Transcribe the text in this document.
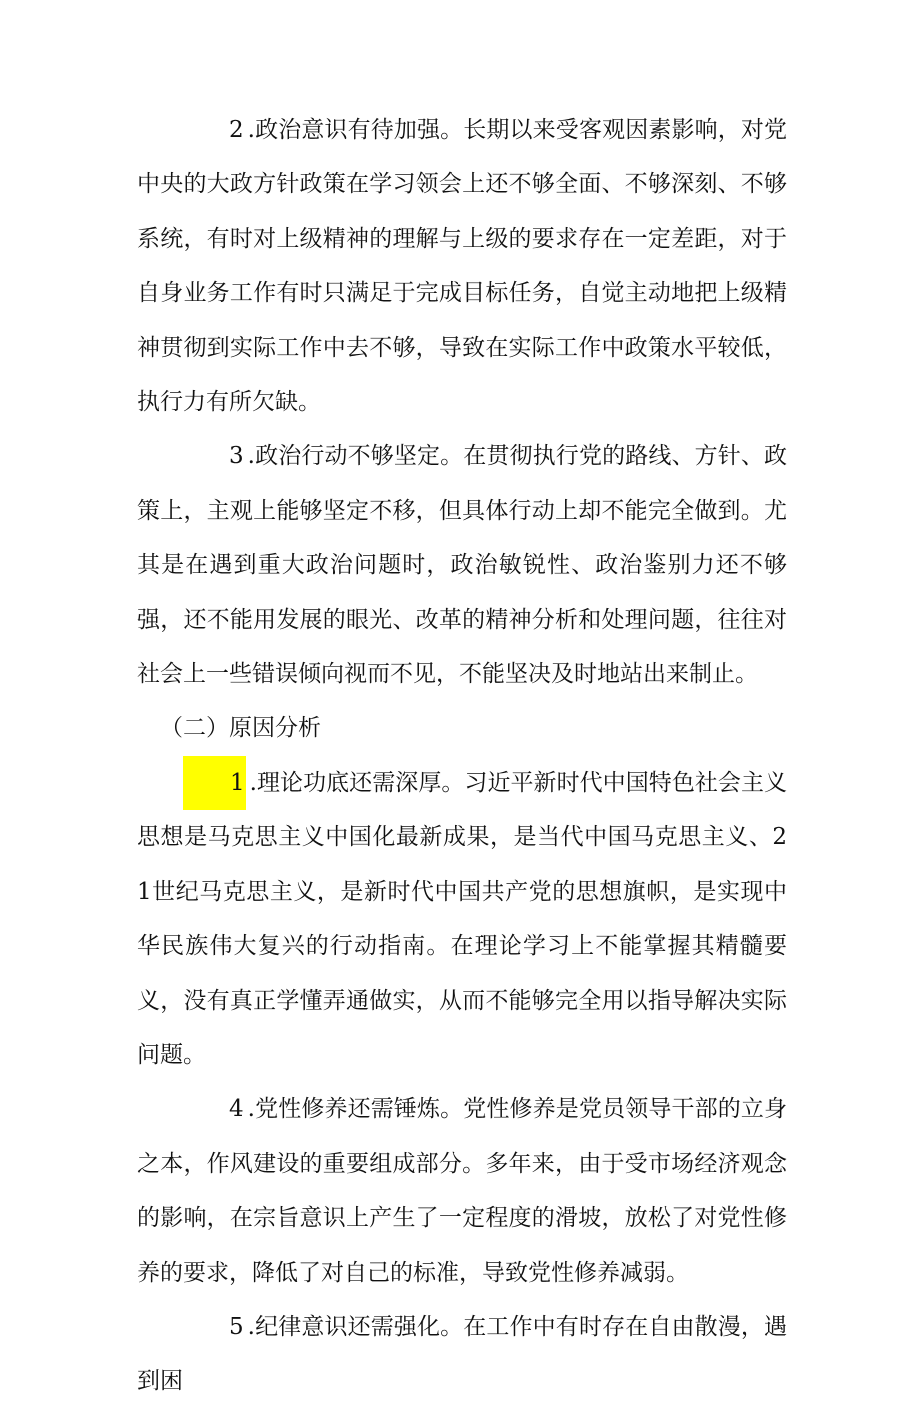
2 .政治意识有待加强。长期以来受客观因素影响，对党中央的大政方针政策在学习领会上还不够全面、不够深刻、不够系统，有时对上级精神的理解与上级的要求存在一定差距，对于自身业务工作有时只满足于完成目标任务，自觉主动地把上级精神贯彻到实际工作中去不够，导致在实际工作中政策水平较低，执行力有所欠缺。

3 .政治行动不够坚定。在贯彻执行党的路线、方针、政策上，主观上能够坚定不移，但具体行动上却不能完全做到。尤其是在遇到重大政治问题时，政治敏锐性、政治鉴别力还不够强，还不能用发展的眼光、改革的精神分析和处理问题，往往对社会上一些错误倾向视而不见，不能坚决及时地站出来制止。

（二）原因分析

1 .理论功底还需深厚。习近平新时代中国特色社会主义思想是马克思主义中国化最新成果，是当代中国马克思主义、21世纪马克思主义，是新时代中国共产党的思想旗帜，是实现中华民族伟大复兴的行动指南。在理论学习上不能掌握其精髓要义，没有真正学懂弄通做实，从而不能够完全用以指导解决实际问题。

4 .党性修养还需锤炼。党性修养是党员领导干部的立身之本，作风建设的重要组成部分。多年来，由于受市场经济观念的影响，在宗旨意识上产生了一定程度的滑坡，放松了对党性修养的要求，降低了对自己的标准，导致党性修养减弱。

5 .纪律意识还需强化。在工作中有时存在自由散漫，遇到困
